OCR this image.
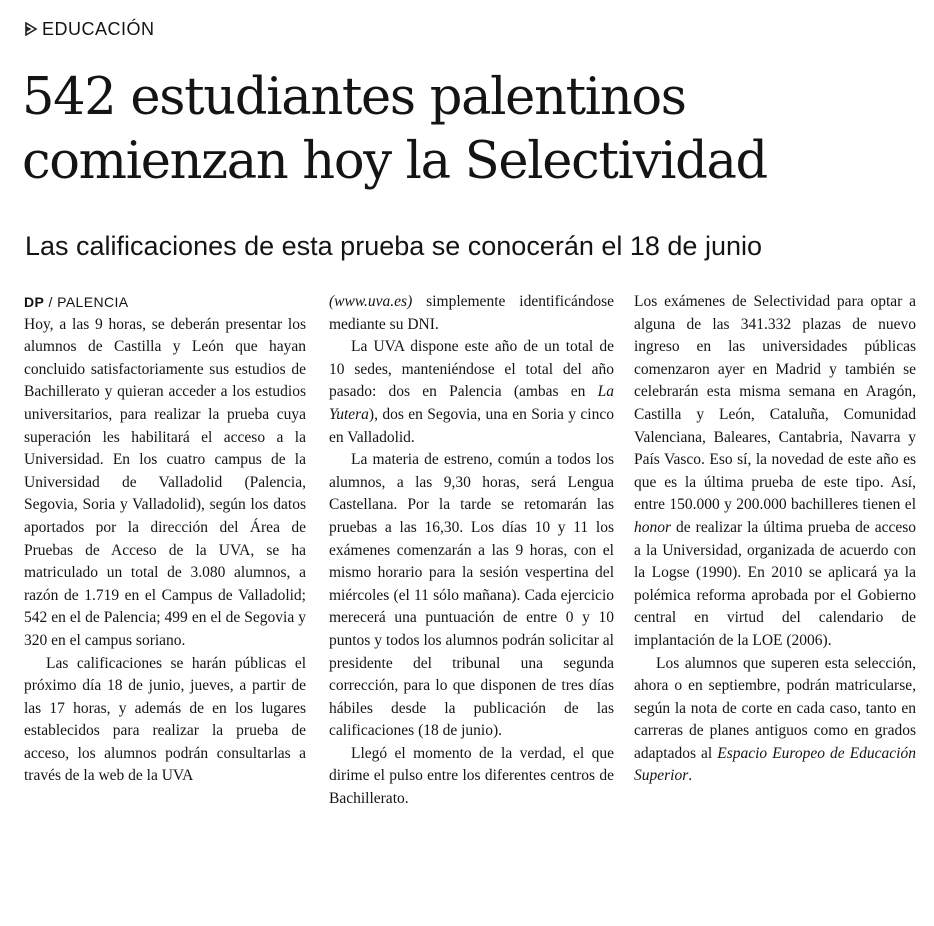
EDUCACIÓN
542 estudiantes palentinos
comienzan hoy la Selectividad
Las calificaciones de esta prueba se conocerán el 18 de junio
DP / PALENCIA

Hoy, a las 9 horas, se deberán presentar los alumnos de Castilla y León que hayan concluido satisfactoriamente sus estudios de Bachillerato y quieran acceder a los estudios universitarios, para realizar la prueba cuya superación les habilitará el acceso a la Universidad. En los cuatro campus de la Universidad de Valladolid (Palencia, Segovia, Soria y Valladolid), según los datos aportados por la dirección del Área de Pruebas de Acceso de la UVA, se ha matriculado un total de 3.080 alumnos, a razón de 1.719 en el Campus de Valladolid; 542 en el de Palencia; 499 en el de Segovia y 320 en el campus soriano.

Las calificaciones se harán públicas el próximo día 18 de junio, jueves, a partir de las 17 horas, y además de en los lugares establecidos para realizar la prueba de acceso, los alumnos podrán consultarlas a través de la web de la UVA

(www.uva.es) simplemente identificándose mediante su DNI.

La UVA dispone este año de un total de 10 sedes, manteniéndose el total del año pasado: dos en Palencia (ambas en La Yutera), dos en Segovia, una en Soria y cinco en Valladolid.

La materia de estreno, común a todos los alumnos, a las 9,30 horas, será Lengua Castellana. Por la tarde se retomarán las pruebas a las 16,30. Los días 10 y 11 los exámenes comenzarán a las 9 horas, con el mismo horario para la sesión vespertina del miércoles (el 11 sólo mañana). Cada ejercicio merecerá una puntuación de entre 0 y 10 puntos y todos los alumnos podrán solicitar al presidente del tribunal una segunda corrección, para lo que disponen de tres días hábiles desde la publicación de las calificaciones (18 de junio).

Llegó el momento de la verdad, el que dirime el pulso entre los diferentes centros de Bachillerato.

Los exámenes de Selectividad para optar a alguna de las 341.332 plazas de nuevo ingreso en las universidades públicas comenzaron ayer en Madrid y también se celebrarán esta misma semana en Aragón, Castilla y León, Cataluña, Comunidad Valenciana, Baleares, Cantabria, Navarra y País Vasco. Eso sí, la novedad de este año es que es la última prueba de este tipo. Así, entre 150.000 y 200.000 bachilleres tienen el honor de realizar la última prueba de acceso a la Universidad, organizada de acuerdo con la Logse (1990). En 2010 se aplicará ya la polémica reforma aprobada por el Gobierno central en virtud del calendario de implantación de la LOE (2006).

Los alumnos que superen esta selección, ahora o en septiembre, podrán matricularse, según la nota de corte en cada caso, tanto en carreras de planes antiguos como en grados adaptados al Espacio Europeo de Educación Superior.
